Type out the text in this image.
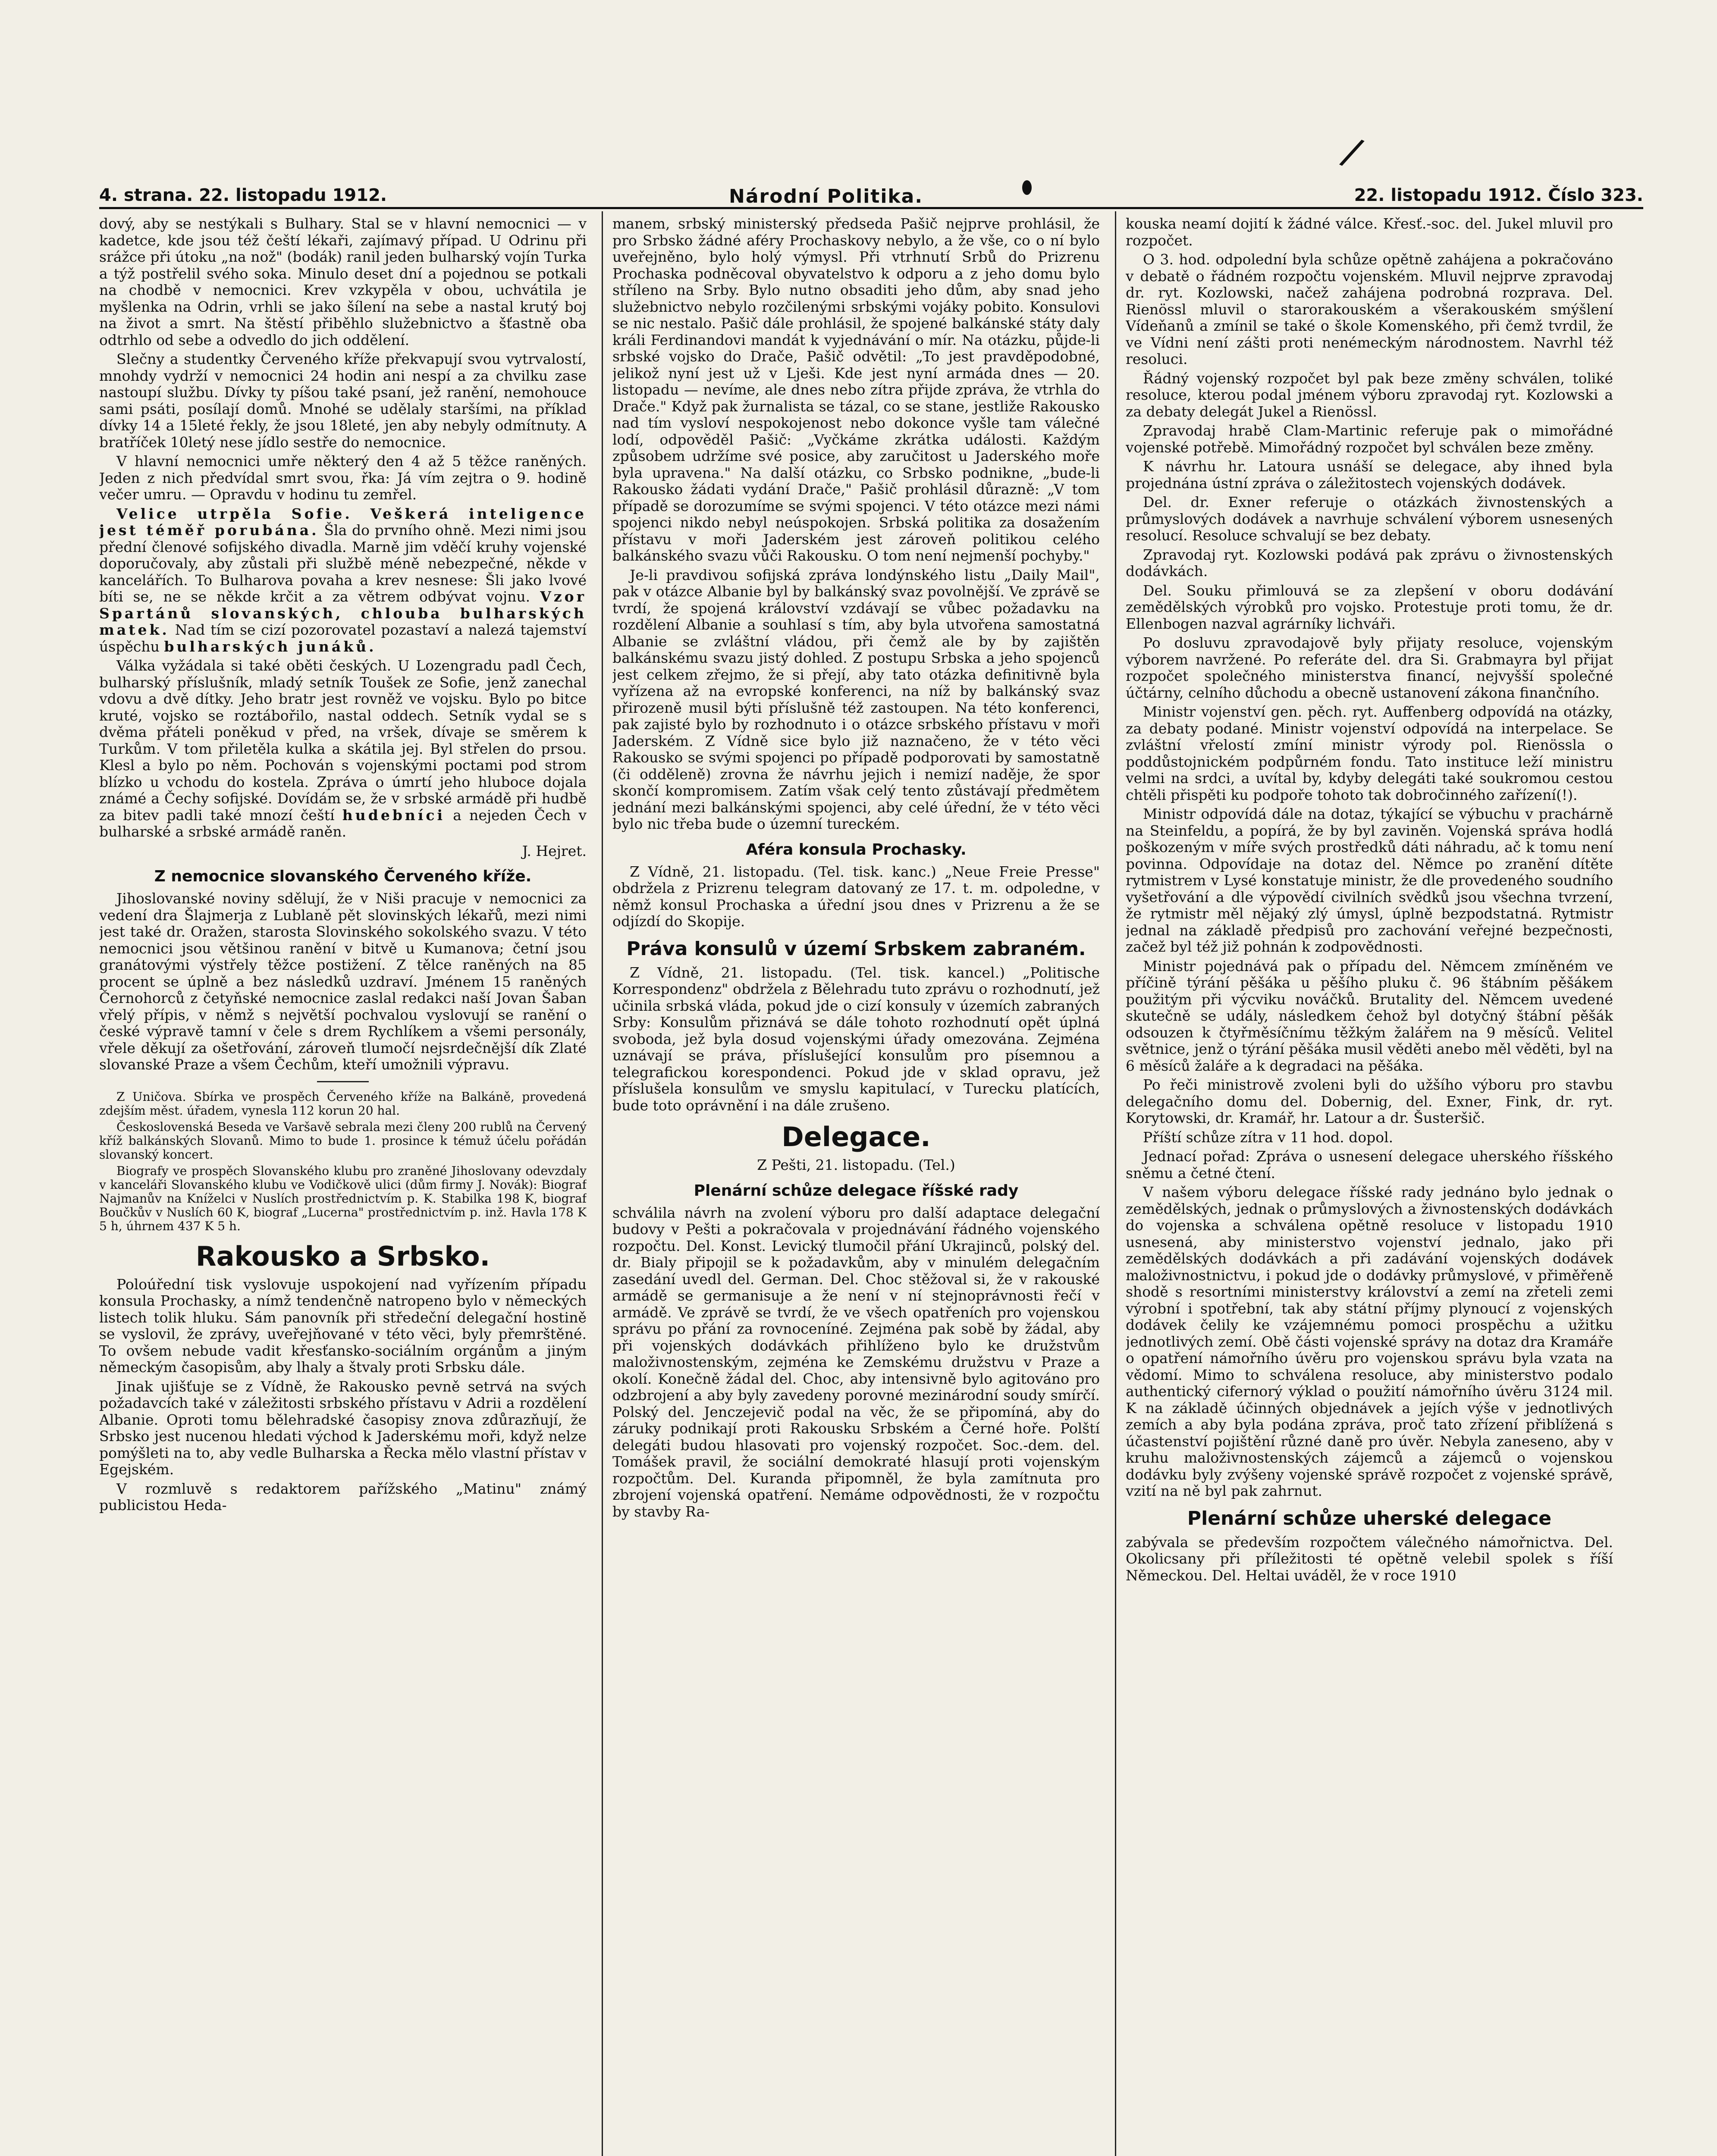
4. strana. 22. listopadu 1912.	Národní Politika.	22. listopadu 1912. Číslo 323.
/

dový, aby se nestýkali s Bulhary. Stal se v hlavní nemocnici — v kadetce, kde jsou též čeští lékaři, zajímavý případ. U Odrinu při srážce při útoku „na nož" (bodák) ranil jeden bulharský vojín Turka a týž postřelil svého soka. Minulo deset dní a pojednou se potkali na chodbě v nemocnici. Krev vzkypěla v obou, uchvátila je myšlenka na Odrin, vrhli se jako šílení na sebe a nastal krutý boj na život a smrt. Na štěstí přiběhlo služebnictvo a šťastně oba odtrhlo od sebe a odvedlo do jich oddělení.

Slečny a studentky Červeného kříže překvapují svou vytrvalostí, mnohdy vydrží v nemocnici 24 hodin ani nespí a za chvilku zase nastoupí službu. Dívky ty píšou také psaní, jež ranění, nemohouce sami psáti, posílají domů. Mnohé se udělaly staršími, na příklad dívky 14 a 15leté řekly, že jsou 18leté, jen aby nebyly odmítnuty. A bratříček 10letý nese jídlo sestře do nemocnice.

V hlavní nemocnici umře některý den 4 až 5 těžce raněných. Jeden z nich předvídal smrt svou, řka: Já vím zejtra o 9. hodině večer umru. — Opravdu v hodinu tu zemřel.

Velice utrpěla Sofie. Veškerá inteligence jest téměř porubána. Šla do prvního ohně. Mezi nimi jsou přední členové sofijského divadla. Marně jim vděčí kruhy vojenské doporučovaly, aby zůstali při službě méně nebezpečné, někde v kancelářích. To Bulharova povaha a krev nesnese: Šli jako lvové bíti se, ne se někde krčit a za větrem odbývat vojnu. Vzor Spartánů slovanských, chlouba bulharských matek. Nad tím se cizí pozorovatel pozastaví a nalezá tajemství úspěchu bulharských junáků.

Válka vyžádala si také oběti českých. U Lozengradu padl Čech, bulharský příslušník, mladý setník Toušek ze Sofie, jenž zanechal vdovu a dvě dítky. Jeho bratr jest rovněž ve vojsku. Bylo po bitce kruté, vojsko se roztábořilo, nastal oddech. Setník vydal se s dvěma přáteli poněkud v před, na vršek, dívaje se směrem k Turkům. V tom přiletěla kulka a skátila jej. Byl střelen do prsou. Klesl a bylo po něm. Pochován s vojenskými poctami pod strom blízko u vchodu do kostela. Zpráva o úmrtí jeho hluboce dojala známé a Čechy sofijské. Dovídám se, že v srbské armádě při hudbě za bitev padli také mnozí čeští hudebníci a nejeden Čech v bulharské a srbské armádě raněn.

J. Hejret.

Z nemocnice slovanského Červeného kříže.

Jihoslovanské noviny sdělují, že v Niši pracuje v nemocnici za vedení dra Šlajmerja z Lublaně pět slovinských lékařů, mezi nimi jest také dr. Oražen, starosta Slovinského sokolského svazu. V této nemocnici jsou většinou ranění v bitvě u Kumanova; četní jsou granátovými výstřely těžce postižení. Z tělce raněných na 85 procent se úplně a bez následků uzdraví. Jménem 15 raněných Černohorců z četyňské nemocnice zaslal redakci naší Jovan Šaban vřelý přípis, v němž s největší pochvalou vyslovují se ranění o české výpravě tamní v čele s drem Rychlíkem a všemi personály, vřele děkují za ošetřování, zároveň tlumočí nejsrdečnější dík Zlaté slovanské Praze a všem Čechům, kteří umožnili výpravu.

Z Uničova. Sbírka ve prospěch Červeného kříže na Balkáně, provedená zdejším měst. úřadem, vynesla 112 korun 20 hal.

Československá Beseda ve Varšavě sebrala mezi členy 200 rublů na Červený kříž balkánských Slovanů. Mimo to bude 1. prosince k témuž účelu pořádán slovanský koncert.

Biografy ve prospěch Slovanského klubu pro zraněné Jihoslovany odevzdaly v kanceláři Slovanského klubu ve Vodičkově ulici (dům firmy J. Novák): Biograf Najmanův na Kníželci v Nuslích prostřednictvím p. K. Stabilka 198 K, biograf Boučkův v Nuslích 60 K, biograf „Lucerna" prostřednictvím p. inž. Havla 178 K 5 h, úhrnem 437 K 5 h.

Rakousko a Srbsko.

Poloúřední tisk vyslovuje uspokojení nad vyřízením případu konsula Prochasky, a nímž tendenčně natropeno bylo v německých listech tolik hluku. Sám panovník při středeční delegační hostině se vyslovil, že zprávy, uveřejňované v této věci, byly přemrštěné. To ovšem nebude vadit křesťansko-sociálním orgánům a jiným německým časopisům, aby lhaly a štvaly proti Srbsku dále.

Jinak ujišťuje se z Vídně, že Rakousko pevně setrvá na svých požadavcích také v záležitosti srbského přístavu v Adrii a rozdělení Albanie. Oproti tomu bělehradské časopisy znova zdůrazňují, že Srbsko jest nucenou hledati východ k Jaderskému moři, když nelze pomýšleti na to, aby vedle Bulharska a Řecka mělo vlastní přístav v Egejském.

V rozmluvě s redaktorem pařížského „Matinu" známý publicistou Heda-

manem, srbský ministerský předseda Pašič nejprve prohlásil, že pro Srbsko žádné aféry Prochaskovy nebylo, a že vše, co o ní bylo uveřejněno, bylo holý výmysl. Při vtrhnutí Srbů do Prizrenu Prochaska podněcoval obyvatelstvo k odporu a z jeho domu bylo stříleno na Srby. Bylo nutno obsaditi jeho dům, aby snad jeho služebnictvo nebylo rozčilenými srbskými vojáky pobito. Konsulovi se nic nestalo. Pašič dále prohlásil, že spojené balkánské státy daly králi Ferdinandovi mandát k vyjednávání o mír. Na otázku, půjde-li srbské vojsko do Drače, Pašič odvětil: „To jest pravděpodobné, jelikož nyní jest už v Lješi. Kde jest nyní armáda dnes — 20. listopadu — nevíme, ale dnes nebo zítra přijde zpráva, že vtrhla do Drače." Když pak žurnalista se tázal, co se stane, jestliže Rakousko nad tím vysloví nespokojenost nebo dokonce vyšle tam válečné lodí, odpověděl Pašič: „Vyčkáme zkrátka události. Každým způsobem udržíme své posice, aby zaručitost u Jaderského moře byla upravena." Na další otázku, co Srbsko podnikne, „bude-li Rakousko žádati vydání Drače," Pašič prohlásil důrazně: „V tom případě se dorozumíme se svými spojenci. V této otázce mezi námi spojenci nikdo nebyl neúspokojen. Srbská politika za dosažením přístavu v moři Jaderském jest zároveň politikou celého balkánského svazu vůči Rakousku. O tom není nejmenší pochyby."

Je-li pravdivou sofijská zpráva londýnského listu „Daily Mail", pak v otázce Albanie byl by balkánský svaz povolnější. Ve zprávě se tvrdí, že spojená království vzdávají se vůbec požadavku na rozdělení Albanie a souhlasí s tím, aby byla utvořena samostatná Albanie se zvláštní vládou, při čemž ale by by zajištěn balkánskému svazu jistý dohled. Z postupu Srbska a jeho spojenců jest celkem zřejmo, že si přejí, aby tato otázka definitivně byla vyřízena až na evropské konferenci, na níž by balkánský svaz přirozeně musil býti příslušně též zastoupen. Na této konferenci, pak zajisté bylo by rozhodnuto i o otázce srbského přístavu v moři Jaderském. Z Vídně sice bylo již naznačeno, že v této věci Rakousko se svými spojenci po případě podporovati by samostatně (či odděleně) zrovna že návrhu jejich i nemizí naděje, že spor skončí kompromisem. Zatím však celý tento zůstávají předmětem jednání mezi balkánskými spojenci, aby celé úřední, že v této věci bylo nic třeba bude o územní tureckém.

Aféra konsula Prochasky.

Z Vídně, 21. listopadu. (Tel. tisk. kanc.) „Neue Freie Presse" obdržela z Prizrenu telegram datovaný ze 17. t. m. odpoledne, v němž konsul Prochaska a úřední jsou dnes v Prizrenu a že se odjízdí do Skopije.

Práva konsulů v území Srbskem zabraném.

Z Vídně, 21. listopadu. (Tel. tisk. kancel.) „Politische Korrespondenz" obdržela z Bělehradu tuto zprávu o rozhodnutí, jež učinila srbská vláda, pokud jde o cizí konsuly v územích zabraných Srby: Konsulům přiznává se dále tohoto rozhodnutí opět úplná svoboda, jež byla dosud vojenskými úřady omezována. Zejména uznávají se práva, příslušející konsulům pro písemnou a telegrafickou korespondenci. Pokud jde v sklad opravu, jež příslušela konsulům ve smyslu kapitulací, v Turecku platících, bude toto oprávnění i na dále zrušeno.

Delegace.

Z Pešti, 21. listopadu. (Tel.)

Plenární schůze delegace říšské rady

schválila návrh na zvolení výboru pro další adaptace delegační budovy v Pešti a pokračovala v projednávání řádného vojenského rozpočtu. Del. Konst. Levický tlumočil přání Ukrajinců, polský del. dr. Bialy připojil se k požadavkům, aby v minulém delegačním zasedání uvedl del. German. Del. Choc stěžoval si, že v rakouské armádě se germanisuje a že není v ní stejnoprávnosti řečí v armádě. Ve zprávě se tvrdí, že ve všech opatřeních pro vojenskou správu po přání za rovnoceníné. Zejména pak sobě by žádal, aby při vojenských dodávkách přihlíženo bylo ke družstvům maloživnostenským, zejména ke Zemskému družstvu v Praze a okolí. Konečně žádal del. Choc, aby intensivně bylo agitováno pro odzbrojení a aby byly zavedeny porovné mezinárodní soudy smírčí. Polský del. Jenczejevič podal na věc, že se připomíná, aby do záruky podnikají proti Rakousku Srbském a Černé hoře. Polští delegáti budou hlasovati pro vojenský rozpočet. Soc.-dem. del. Tomášek pravil, že sociální demokraté hlasují proti vojenským rozpočtům. Del. Kuranda připomněl, že byla zamítnuta pro zbrojení vojenská opatření. Nemáme odpovědnosti, že v rozpočtu by stavby Ra-

kouska neamí dojití k žádné válce. Křesť.-soc. del. Jukel mluvil pro rozpočet.

O 3. hod. odpolední byla schůze opětně zahájena a pokračováno v debatě o řádném rozpočtu vojenském. Mluvil nejprve zpravodaj dr. ryt. Kozlowski, načež zahájena podrobná rozprava. Del. Rienössl mluvil o starorakouském a všerakouském smýšlení Vídeňanů a zmínil se také o škole Komenského, při čemž tvrdil, že ve Vídni není zášti proti nenémeckým národnostem. Navrhl též resoluci.

Řádný vojenský rozpočet byl pak beze změny schválen, toliké resoluce, kterou podal jménem výboru zpravodaj ryt. Kozlowski a za debaty delegát Jukel a Rienössl.

Zpravodaj hrabě Clam-Martinic referuje pak o mimořádné vojenské potřebě. Mimořádný rozpočet byl schválen beze změny.

K návrhu hr. Latoura usnáší se delegace, aby ihned byla projednána ústní zpráva o záležitostech vojenských dodávek.

Del. dr. Exner referuje o otázkách živnostenských a průmyslových dodávek a navrhuje schválení výborem usnesených resolucí. Resoluce schvalují se bez debaty.

Zpravodaj ryt. Kozlowski podává pak zprávu o živnostenských dodávkách.

Del. Souku přimlouvá se za zlepšení v oboru dodávání zemědělských výrobků pro vojsko. Protestuje proti tomu, že dr. Ellenbogen nazval agrárníky lichváři.

Po dosluvu zpravodajově byly přijaty resoluce, vojenským výborem navržené. Po referáte del. dra Si. Grabmayra byl přijat rozpočet společného ministerstva financí, nejvyšší společné účtárny, celního důchodu a obecně ustanovení zákona finančního.

Ministr vojenství gen. pěch. ryt. Auffenberg odpovídá na otázky, za debaty podané. Ministr vojenství odpovídá na interpelace. Se zvláštní vřelostí zmíní ministr výrody pol. Rienössla o poddůstojnickém podpůrném fondu. Tato instituce leží ministru velmi na srdci, a uvítal by, kdyby delegáti také soukromou cestou chtěli přispěti ku podpoře tohoto tak dobročinného zařízení(!).

Ministr odpovídá dále na dotaz, týkající se výbuchu v prachárně na Steinfeldu, a popírá, že by byl zaviněn. Vojenská správa hodlá poškozeným v míře svých prostředků dáti náhradu, ač k tomu není povinna. Odpovídaje na dotaz del. Němce po zranění dítěte rytmistrem v Lysé konstatuje ministr, že dle provedeného soudního vyšetřování a dle výpovědí civilních svědků jsou všechna tvrzení, že rytmistr měl nějaký zlý úmysl, úplně bezpodstatná. Rytmistr jednal na základě předpisů pro zachování veřejné bezpečnosti, začež byl též již pohnán k zodpovědnosti.

Ministr pojednává pak o případu del. Němcem zmíněném ve příčině týrání pěšáka u pěšího pluku č. 96 štábním pěšákem použitým při výcviku nováčků. Brutality del. Němcem uvedené skutečně se udály, následkem čehož byl dotyčný štábní pěšák odsouzen k čtyřměsíčnímu těžkým žalářem na 9 měsíců. Velitel světnice, jenž o týrání pěšáka musil věděti anebo měl věděti, byl na 6 měsíců žaláře a k degradaci na pěšáka.

Po řeči ministrově zvoleni byli do užšího výboru pro stavbu delegačního domu del. Dobernig, del. Exner, Fink, dr. ryt. Korytowski, dr. Kramář, hr. Latour a dr. Šusteršič.

Příští schůze zítra v 11 hod. dopol.

Jednací pořad: Zpráva o usnesení delegace uherského říšského sněmu a četné čtení.

V našem výboru delegace říšské rady jednáno bylo jednak o zemědělských, jednak o průmyslových a živnostenských dodávkách do vojenska a schválena opětně resoluce v listopadu 1910 usnesená, aby ministerstvo vojenství jednalo, jako při zemědělských dodávkách a při zadávání vojenských dodávek maloživnostnictvu, i pokud jde o dodávky průmyslové, v přiměřeně shodě s resortními ministerstvy království a zemí na zřeteli zemi výrobní i spotřební, tak aby státní příjmy plynoucí z vojenských dodávek čelily ke vzájemnému pomoci prospěchu a užitku jednotlivých zemí. Obě části vojenské správy na dotaz dra Kramáře o opatření námořního úvěru pro vojenskou správu byla vzata na vědomí. Mimo to schválena resoluce, aby ministerstvo podalo authentický cifernorý výklad o použití námořního úvěru 3124 mil. K na základě účinných objednávek a jejích výše v jednotlivých zemích a aby byla podána zpráva, proč tato zřízení přiblížená s účastenství pojištění různé daně pro úvěr. Nebyla zaneseno, aby v kruhu maloživnostenských zájemců a zájemců o vojenskou dodávku byly zvýšeny vojenské správě rozpočet z vojenské správě, vzití na ně byl pak zahrnut.

Plenární schůze uherské delegace

zabývala se především rozpočtem válečného námořnictva. Del. Okolicsany při příležitosti té opětně velebil spolek s říší Německou. Del. Heltai uváděl, že v roce 1910
